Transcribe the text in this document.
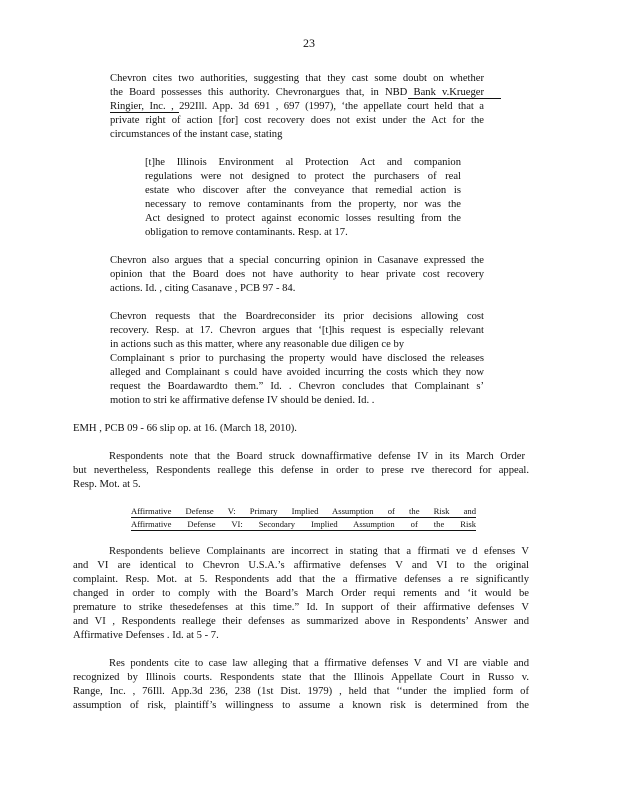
23

Chevron cites two authorities, suggesting that they cast some doubt on whether

the Board possesses this authority. Chevronargues that, in NBD Bank v.Krueger

Ringier, Inc. , 292Ill. App. 3d 691 , 697 (1997), ‘the appellate court held that a

private right of action [for] cost recovery does not exist under the Act for the

circumstances of the instant case, stating

[t]he Illinois Environment al Protection Act and companion

regulations were not designed to protect the purchasers of real

estate who discover after the conveyance that remedial action is

necessary to remove contaminants from the property, nor was the

Act designed to protect against economic losses resulting from the

obligation to remove contaminants. Resp. at 17.

Chevron also argues that a special concurring opinion in Casanave expressed the

opinion that the Board does not have authority to hear private cost recovery

actions. Id. , citing Casanave , PCB 97 - 84.

Chevron requests that the Boardreconsider its prior decisions allowing cost

recovery. Resp. at 17. Chevron argues that ‘[t]his request is especially relevant

in actions such as this matter, where any reasonable due diligen ce by

Complainant s prior to purchasing the property would have disclosed the releases

alleged and Complainant s could have avoided incurring the costs which they now

request the Boardawardto them.” Id. . Chevron concludes that Complainant s’

motion to stri ke affirmative defense IV should be denied. Id. .

EMH , PCB 09 - 66 slip op. at 16. (March 18, 2010).

Respondents note that the Board struck downaffirmative defense IV in its March Order

but nevertheless, Respondents reallege this defense in order to prese rve therecord for appeal.

Resp. Mot. at 5.

Affirmative Defense V: Primary Implied Assumption of the Risk and

Affirmative Defense VI: Secondary Implied Assumption of the Risk

Respondents believe Complainants are incorrect in stating that a ffirmati ve d efenses V

and VI are identical to Chevron U.S.A.’s affirmative defenses V and VI to the original

complaint. Resp. Mot. at 5. Respondents add that the a ffirmative defenses a re significantly

changed in order to comply with the Board’s March Order requi rements and ‘it would be

premature to strike thesedefenses at this time.” Id. In support of their affirmative defenses V

and VI , Respondents reallege their defenses as summarized above in Respondents’ Answer and

Affirmative Defenses . Id. at 5 - 7.

Res pondents cite to case law alleging that a ffirmative defenses V and VI are viable and

recognized by Illinois courts. Respondents state that the Illinois Appellate Court in Russo v.

Range, Inc. , 76Ill. App.3d 236, 238 (1st Dist. 1979) , held that ‘‘under the implied form of

assumption of risk, plaintiff’s willingness to assume a known risk is determined from the
